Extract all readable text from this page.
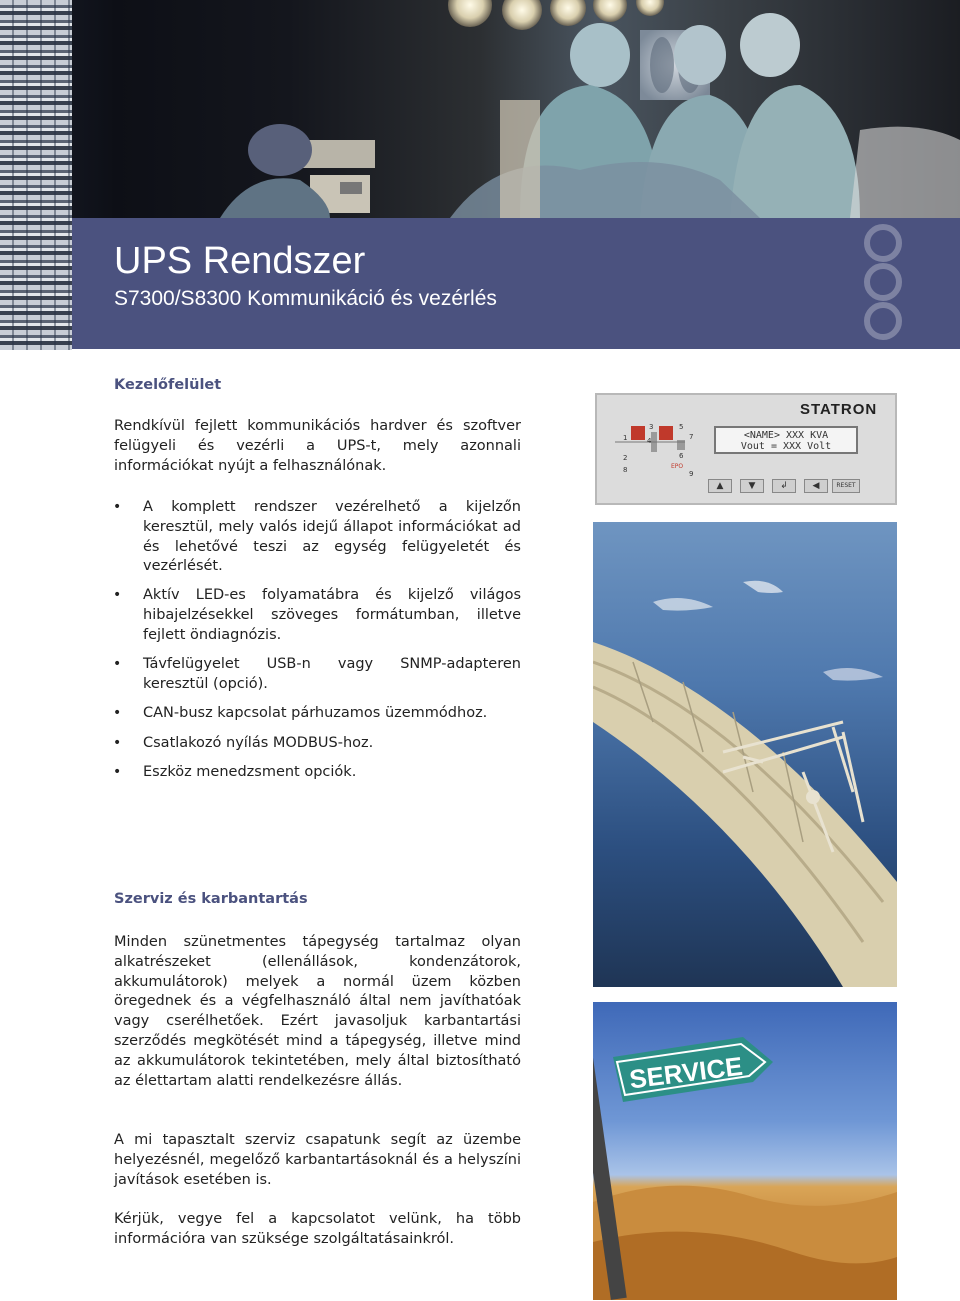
UPS Rendszer
S7300/S8300 Kommunikáció és vezérlés
Kezelőfelület
Rendkívül fejlett kommunikációs hardver és szoftver felügyeli és vezérli a UPS-t, mely azonnali információkat nyújt a felhasználónak.
• A komplett rendszer vezérelhető a kijelzőn keresztül, mely valós idejű állapot információkat ad és lehetővé teszi az egység felügyeletét és vezérlését.
• Aktív LED-es folyamatábra és kijelző világos hibajelzésekkel szöveges formátumban, illetve fejlett öndiagnózis.
• Távfelügyelet USB-n vagy SNMP-adapteren keresztül (opció).
• CAN-busz kapcsolat párhuzamos üzemmódhoz.
• Csatlakozó nyílás MODBUS-hoz.
• Eszköz menedzsment opciók.
STATRON
1
2
3
4
5
6
7
8	9
EPO
<NAME> XXX KVA
Vout = XXX Volt
▲	▼	↲	◀	RESET
Szerviz és karbantartás
Minden szünetmentes tápegység tartalmaz olyan alkatrészeket (ellenállások, kondenzátorok, akkumulátorok) melyek a normál üzem közben öregednek és a végfelhasználó által nem javíthatóak vagy cserélhetőek. Ezért javasoljuk karbantartási szerződés megkötését mind a tápegység, illetve mind az akkumulátorok tekintetében, mely által biztosítható az élettartam alatti rendelkezésre állás.
A mi tapasztalt szerviz csapatunk segít az üzembe helyezésnél, megelőző karbantartásoknál és a helyszíni javítások esetében is.
Kérjük, vegye fel a kapcsolatot velünk, ha több információra van szüksége szolgáltatásainkról.
SERVICE
